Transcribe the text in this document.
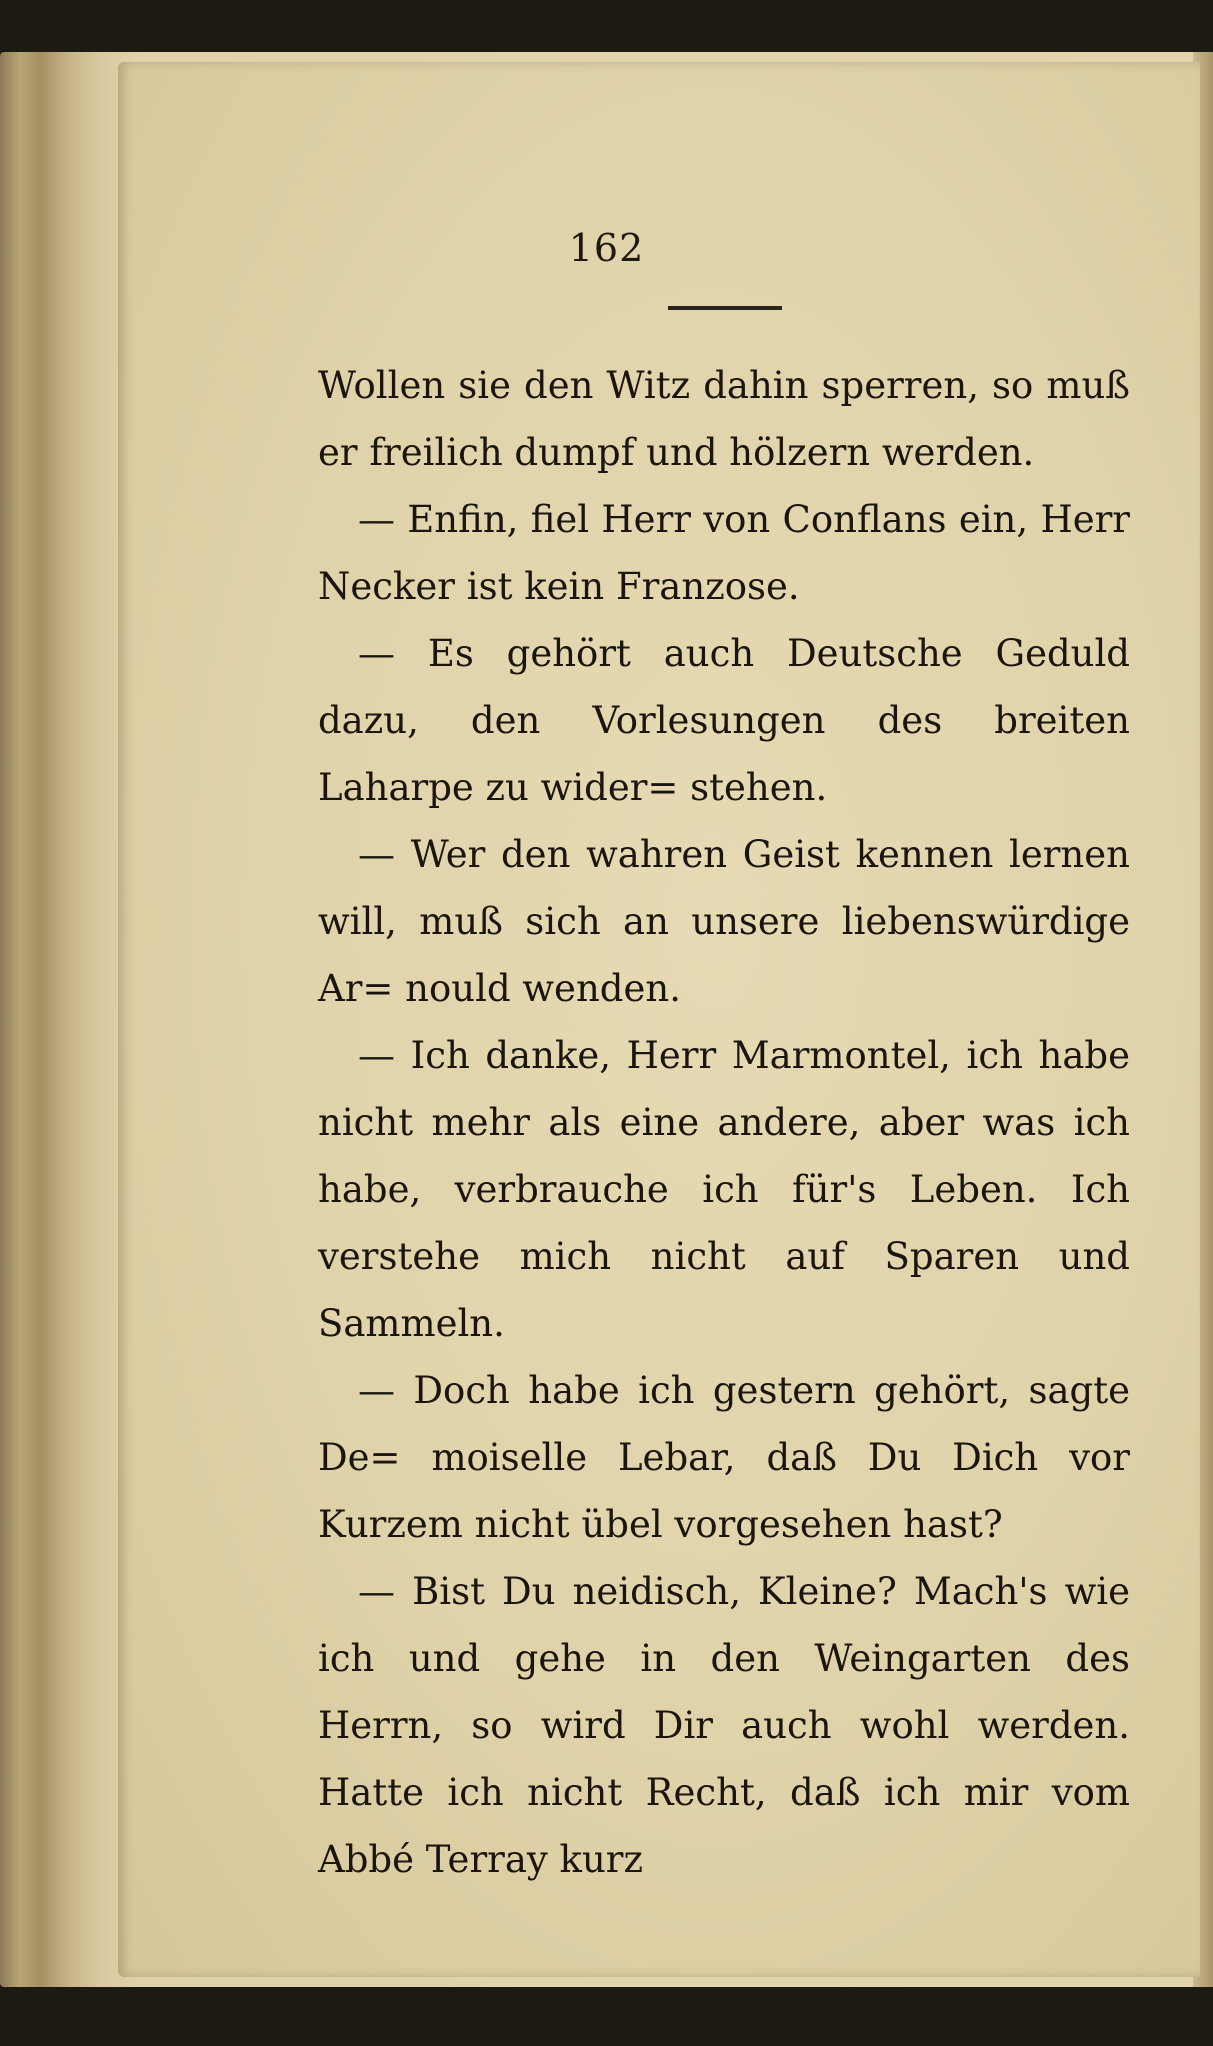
162

Wollen sie den Witz dahin sperren, so muß er freilich dumpf und hölzern werden.

— Enfin, fiel Herr von Conflans ein, Herr Necker ist kein Franzose.

— Es gehört auch Deutsche Geduld dazu, den Vorlesungen des breiten Laharpe zu wider= stehen.

— Wer den wahren Geist kennen lernen will, muß sich an unsere liebenswürdige Ar= nould wenden.

— Ich danke, Herr Marmontel, ich habe nicht mehr als eine andere, aber was ich habe, verbrauche ich für's Leben. Ich verstehe mich nicht auf Sparen und Sammeln.

— Doch habe ich gestern gehört, sagte De= moiselle Lebar, daß Du Dich vor Kurzem nicht übel vorgesehen hast?

— Bist Du neidisch, Kleine? Mach's wie ich und gehe in den Weingarten des Herrn, so wird Dir auch wohl werden. Hatte ich nicht Recht, daß ich mir vom Abbé Terray kurz
